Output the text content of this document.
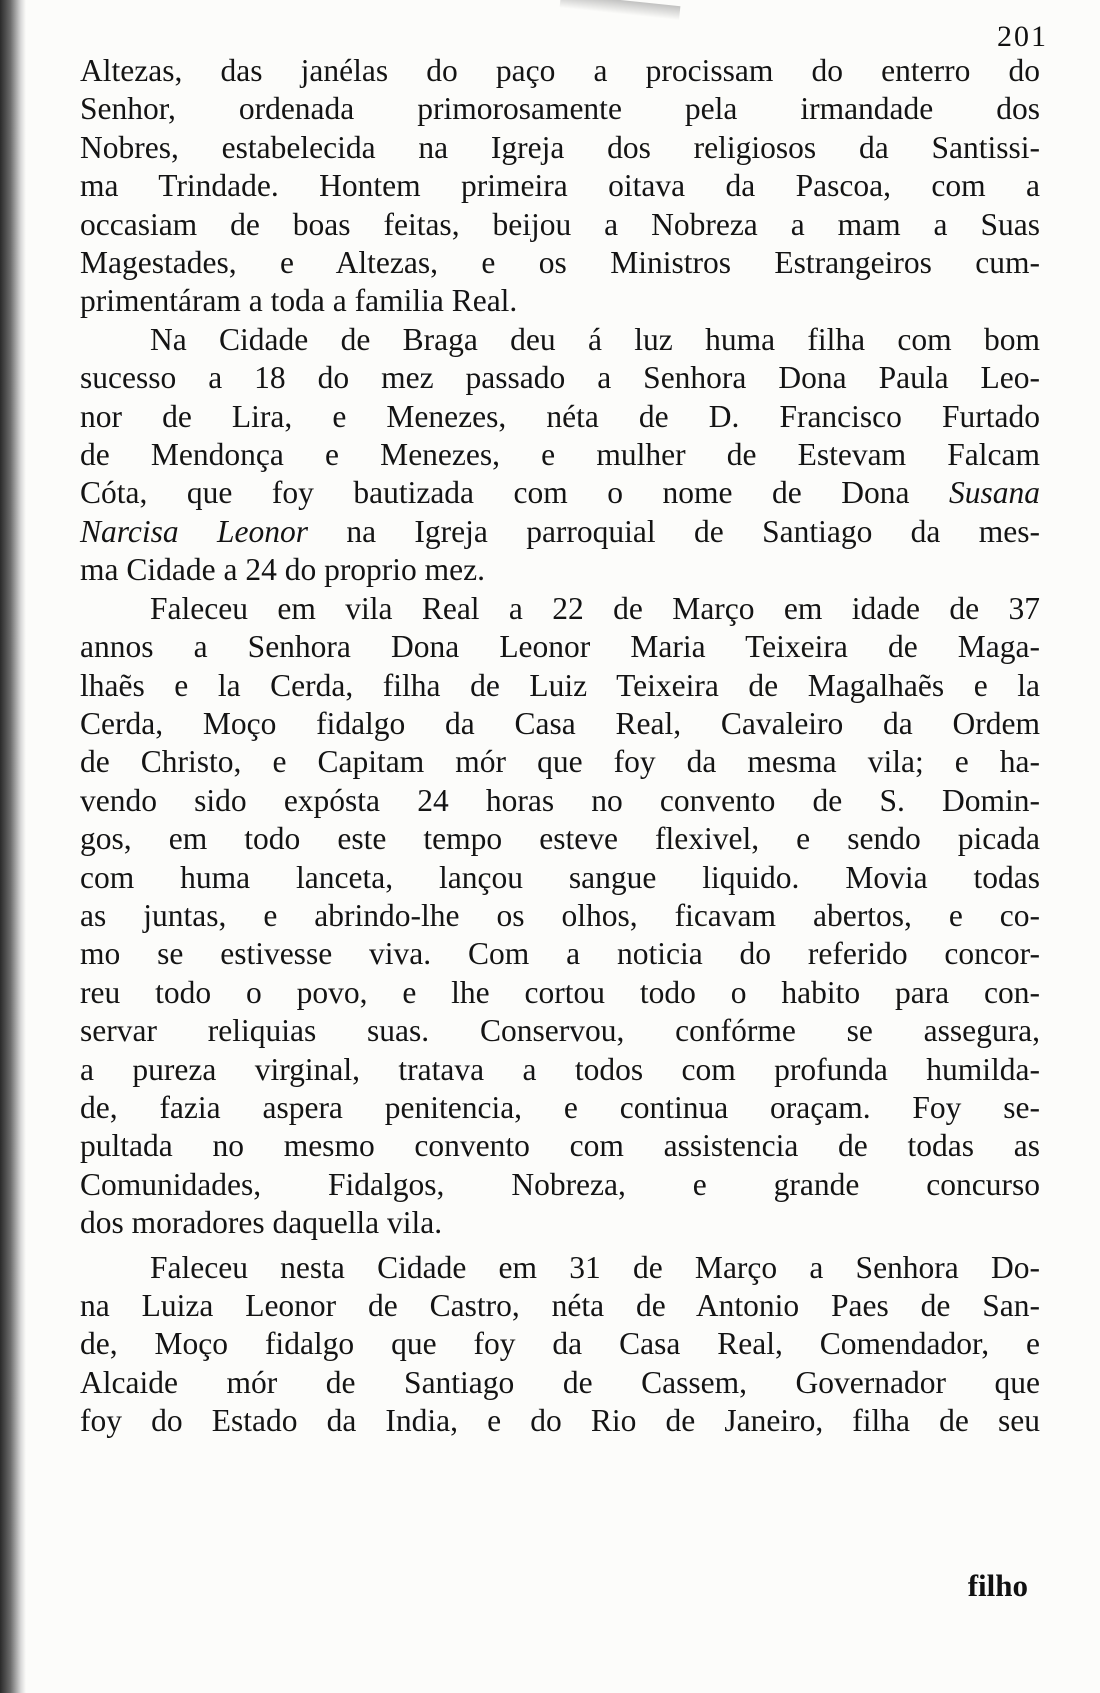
201
Altezas, das janélas do paço a procissam do enterro do
Senhor, ordenada primorosamente pela irmandade dos
Nobres, estabelecida na Igreja dos religiosos da Santissi-
ma Trindade. Hontem primeira oitava da Pascoa, com a
occasiam de boas feitas, beijou a Nobreza a mam a Suas
Magestades, e Altezas, e os Ministros Estrangeiros cum-
primentáram a toda a familia Real.
Na Cidade de Braga deu á luz huma filha com bom
sucesso a 18 do mez passado a Senhora Dona Paula Leo-
nor de Lira, e Menezes, néta de D. Francisco Furtado
de Mendonça e Menezes, e mulher de Estevam Falcam
Cóta, que foy bautizada com o nome de Dona Susana
Narcisa Leonor na Igreja parroquial de Santiago da mes-
ma Cidade a 24 do proprio mez.
Faleceu em vila Real a 22 de Março em idade de 37
annos a Senhora Dona Leonor Maria Teixeira de Maga-
lhaẽs e la Cerda, filha de Luiz Teixeira de Magalhaẽs e la
Cerda, Moço fidalgo da Casa Real, Cavaleiro da Ordem
de Christo, e Capitam mór que foy da mesma vila; e ha-
vendo sido expósta 24 horas no convento de S. Domin-
gos, em todo este tempo esteve flexivel, e sendo picada
com huma lanceta, lançou sangue liquido. Movia todas
as juntas, e abrindo-lhe os olhos, ficavam abertos, e co-
mo se estivesse viva. Com a noticia do referido concor-
reu todo o povo, e lhe cortou todo o habito para con-
servar reliquias suas. Conservou, confórme se assegura,
a pureza virginal, tratava a todos com profunda humilda-
de, fazia aspera penitencia, e continua oraçam. Foy se-
pultada no mesmo convento com assistencia de todas as
Comunidades, Fidalgos, Nobreza, e grande concurso
dos moradores daquella vila.
Faleceu nesta Cidade em 31 de Março a Senhora Do-
na Luiza Leonor de Castro, néta de Antonio Paes de San-
de, Moço fidalgo que foy da Casa Real, Comendador, e
Alcaide mór de Santiago de Cassem, Governador que
foy do Estado da India, e do Rio de Janeiro, filha de seu
filho
